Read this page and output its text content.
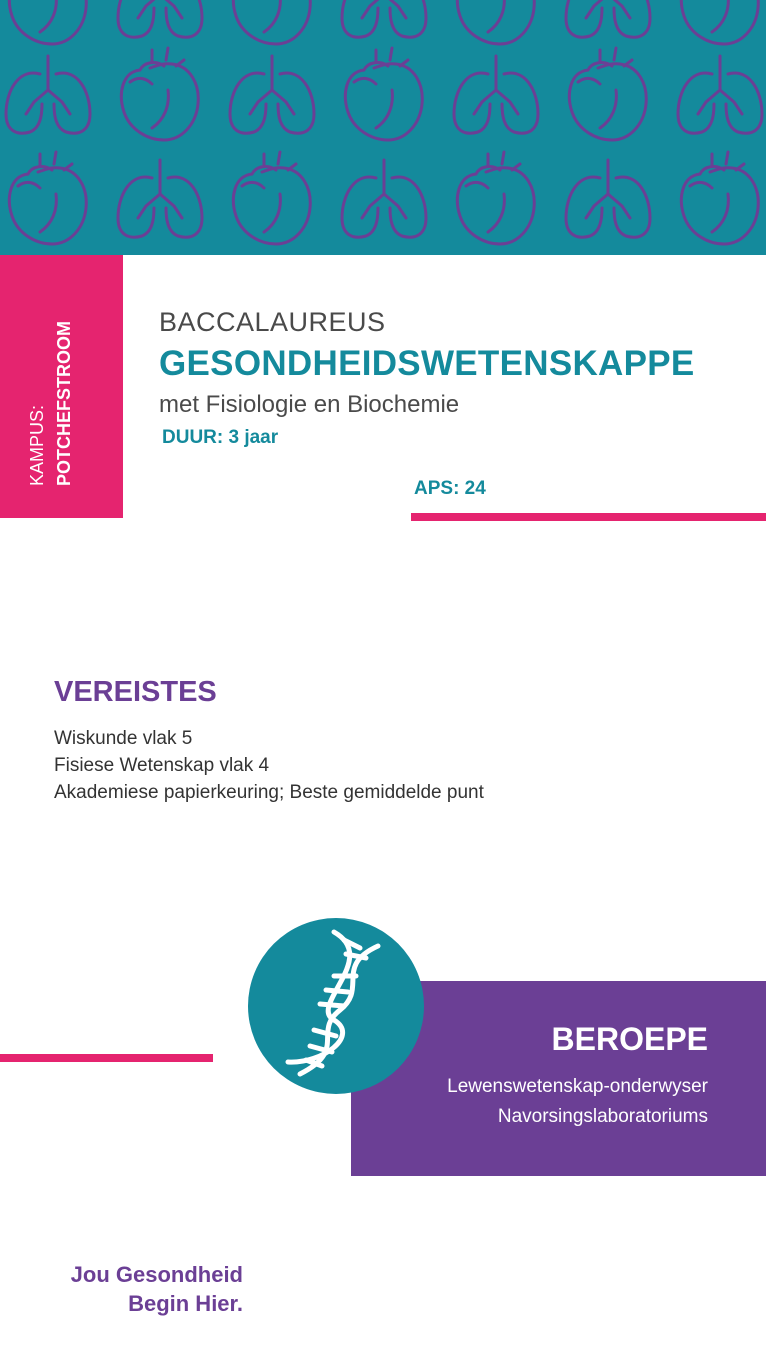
KAMPUS: POTCHEFSTROOM	BACCALAUREUS
GESONDHEIDSWETENSKAPPE
met Fisiologie en Biochemie
DUUR: 3 jaar
APS: 24
VEREISTES
Wiskunde vlak 5
Fisiese Wetenskap vlak 4
Akademiese papierkeuring; Beste gemiddelde punt
BEROEPE
Lewenswetenskap-onderwyser
Navorsingslaboratoriums
Jou Gesondheid
Begin Hier.
